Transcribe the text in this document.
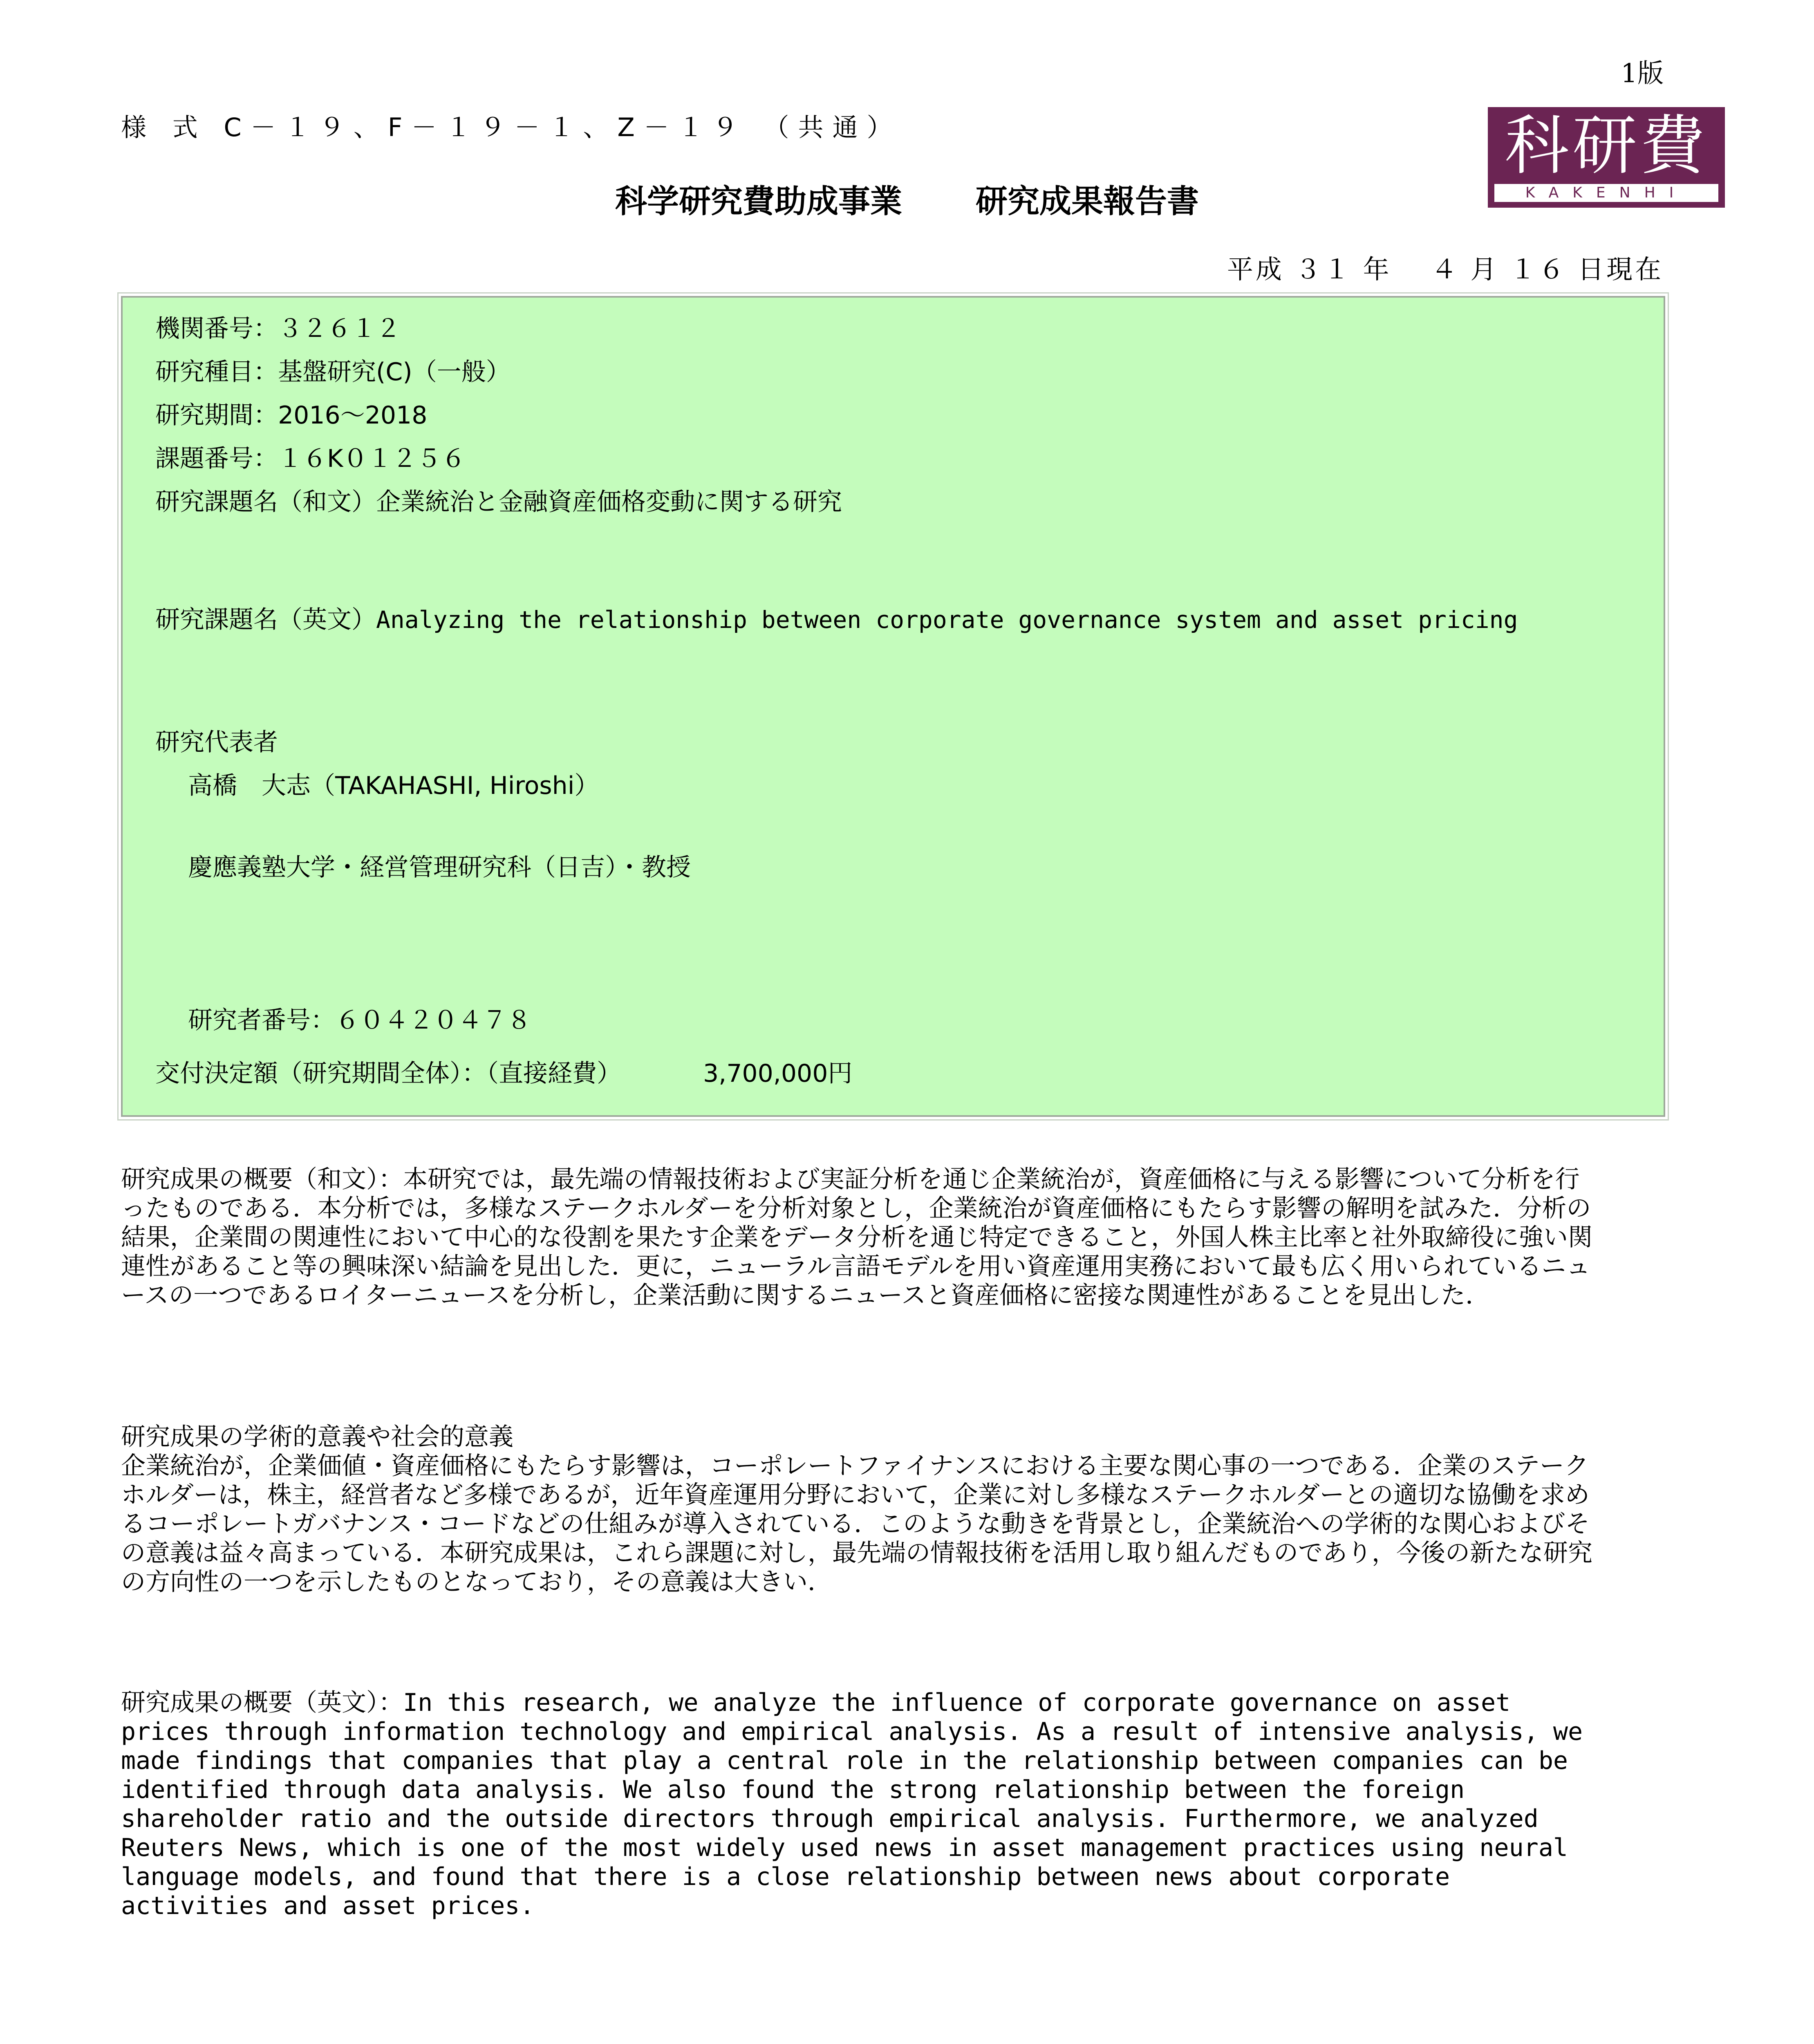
1版
様 式 C－１９、F－１９－１、Z－１９ （共通）	科研費
KAKENHI
科学研究費助成事業 研究成果報告書
平成 ３１ 年　 ４ 月 １６ 日現在
機関番号：３２６１２
研究種目：基盤研究(C)（一般）
研究期間：2016～2018
課題番号：１６K０１２５６
研究課題名（和文）企業統治と金融資産価格変動に関する研究
研究課題名（英文）Analyzing the relationship between corporate governance system and asset pricing
研究代表者
高橋　大志（TAKAHASHI, Hiroshi）
慶應義塾大学・経営管理研究科（日吉）・教授
研究者番号：６０４２０４７８
交付決定額（研究期間全体）：（直接経費）	3,700,000円
研究成果の概要（和文）：本研究では，最先端の情報技術および実証分析を通じ企業統治が，資産価格に与える影響について分析を行ったものである．本分析では，多様なステークホルダーを分析対象とし，企業統治が資産価格にもたらす影響の解明を試みた．分析の結果，企業間の関連性において中心的な役割を果たす企業をデータ分析を通じ特定できること，外国人株主比率と社外取締役に強い関連性があること等の興味深い結論を見出した．更に，ニューラル言語モデルを用い資産運用実務において最も広く用いられているニュースの一つであるロイターニュースを分析し，企業活動に関するニュースと資産価格に密接な関連性があることを見出した．
研究成果の学術的意義や社会的意義
企業統治が，企業価値・資産価格にもたらす影響は，コーポレートファイナンスにおける主要な関心事の一つである．企業のステークホルダーは，株主，経営者など多様であるが，近年資産運用分野において，企業に対し多様なステークホルダーとの適切な協働を求めるコーポレートガバナンス・コードなどの仕組みが導入されている．このような動きを背景とし，企業統治への学術的な関心およびその意義は益々高まっている．本研究成果は，これら課題に対し，最先端の情報技術を活用し取り組んだものであり，今後の新たな研究の方向性の一つを示したものとなっており，その意義は大きい．
研究成果の概要（英文）：In this research, we analyze the influence of corporate governance on asset prices through information technology and empirical analysis. As a result of intensive analysis, we made findings that companies that play a central role in the relationship between companies can be identified through data analysis. We also found the strong relationship between the foreign shareholder ratio and the outside directors through empirical analysis. Furthermore, we analyzed Reuters News, which is one of the most widely used news in asset management practices using neural language models, and found that there is a close relationship between news about corporate activities and asset prices.
